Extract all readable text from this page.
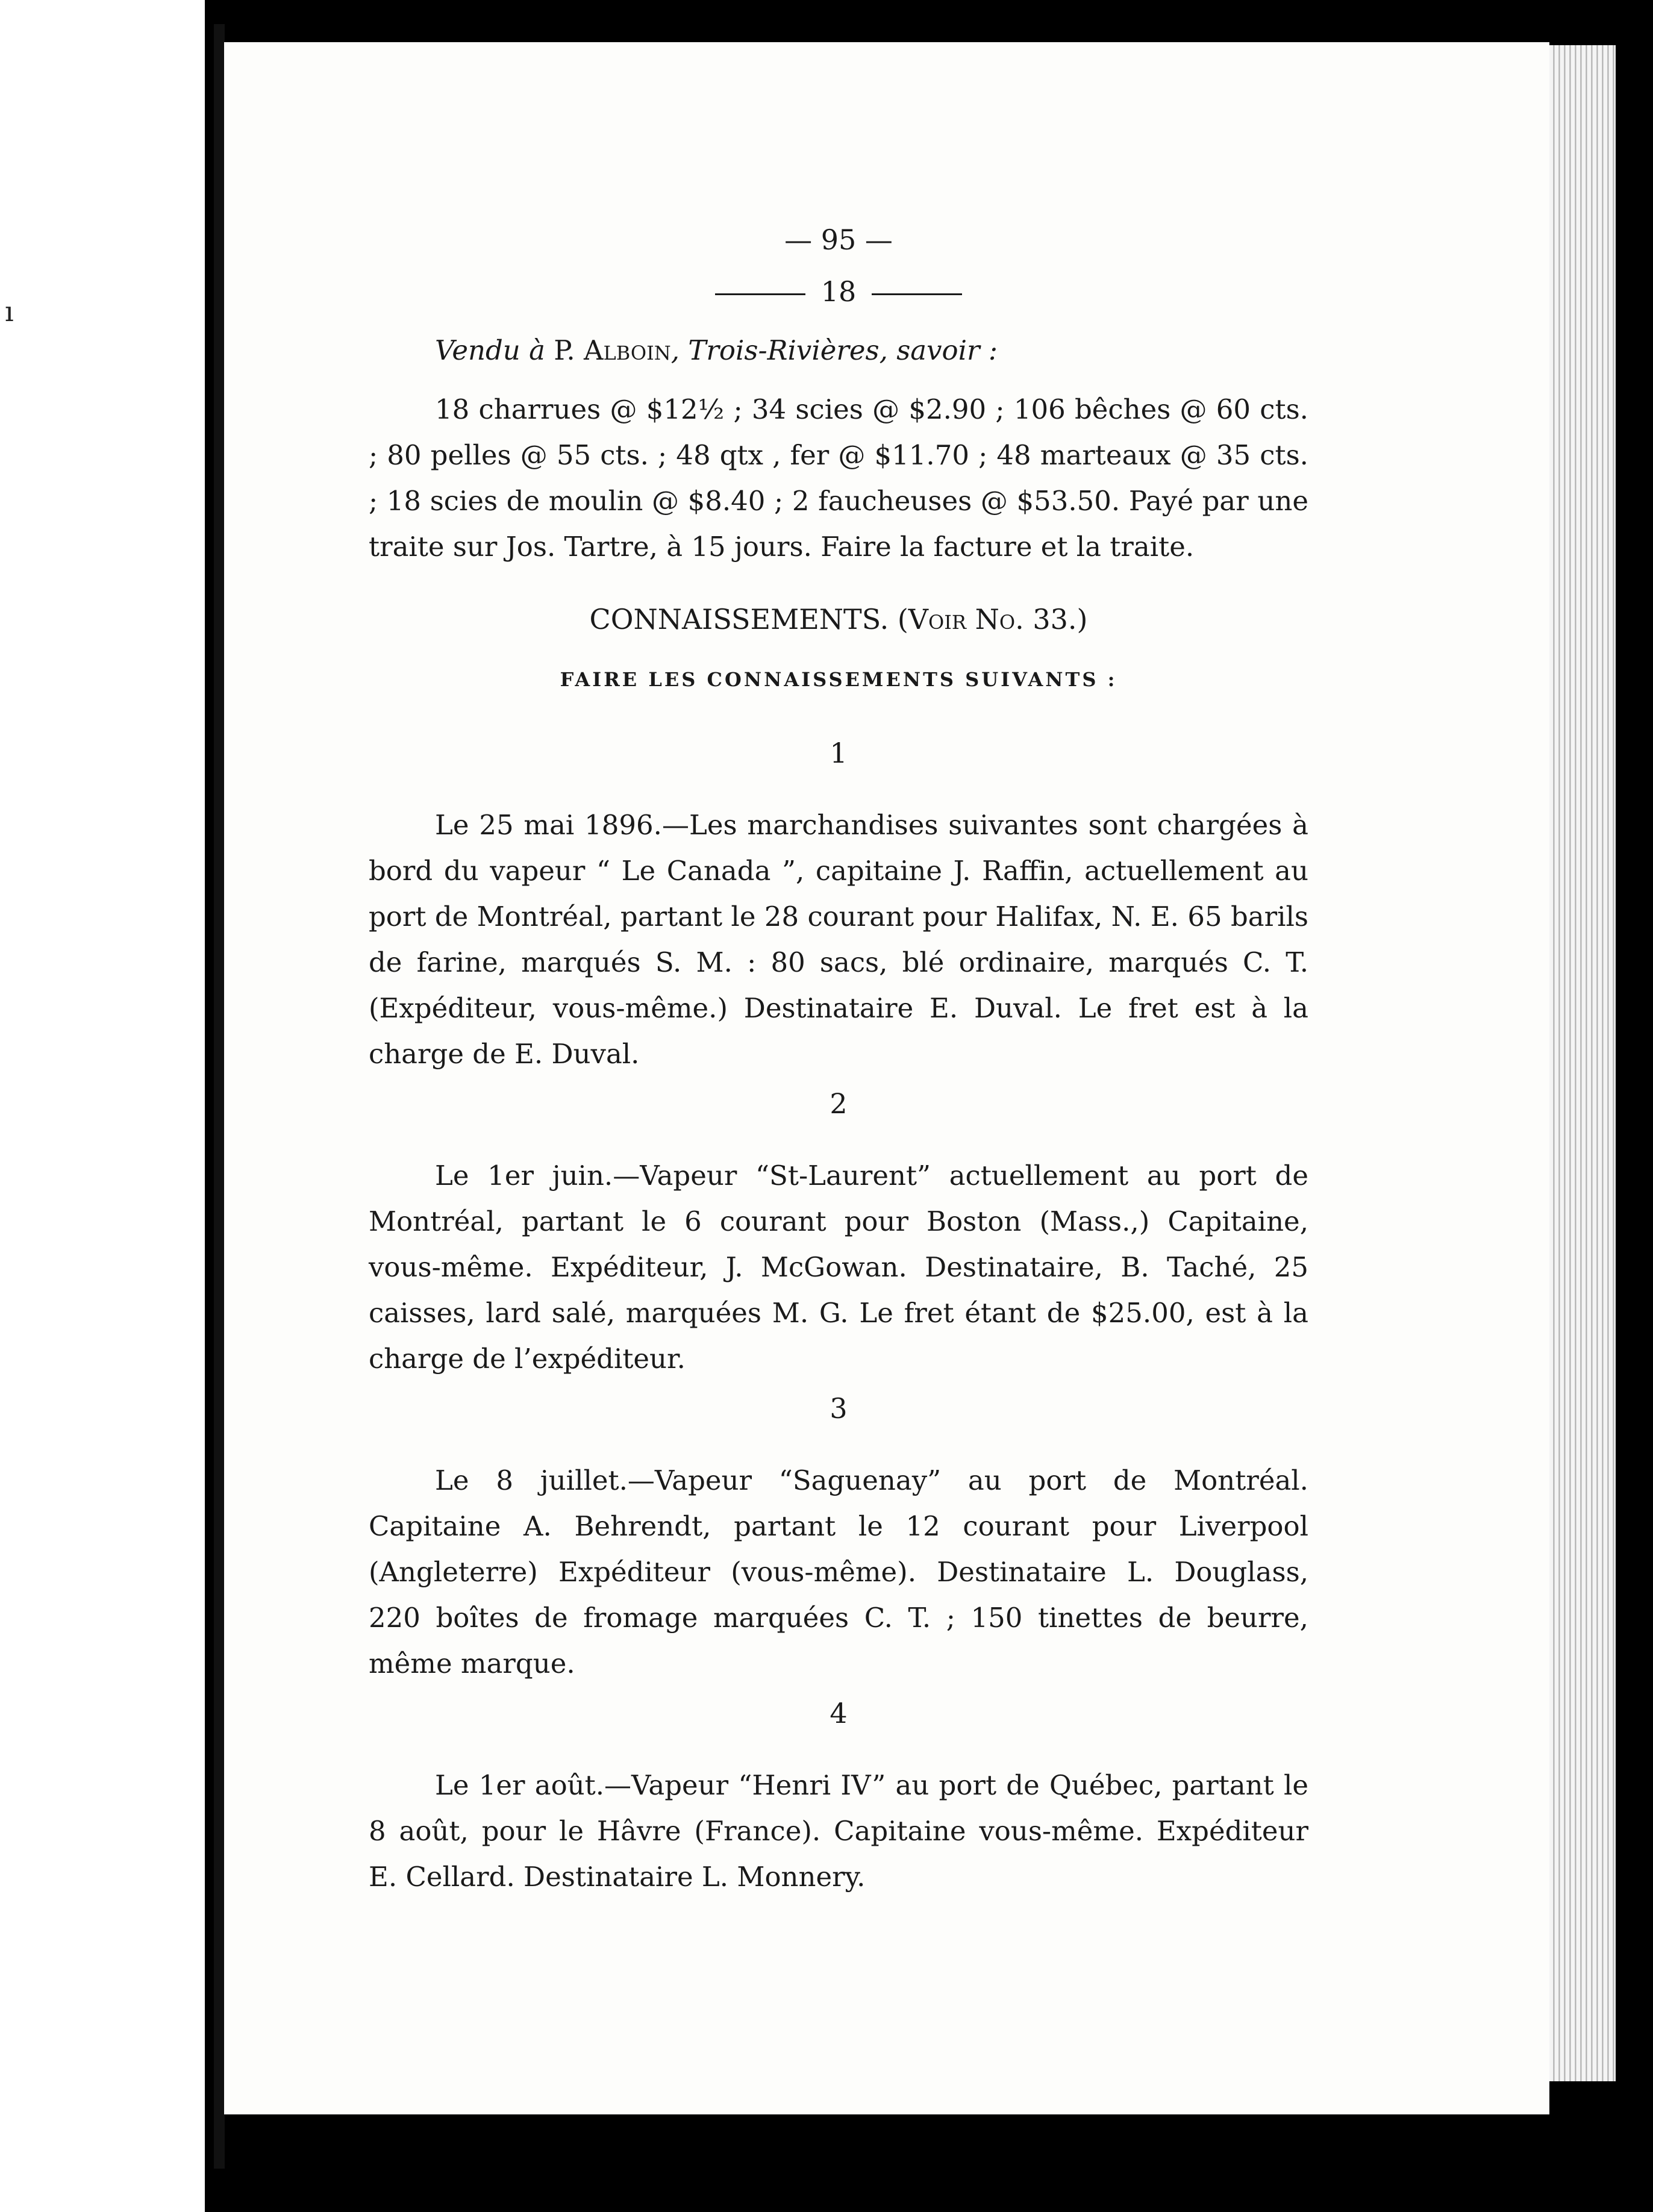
ı

— 95 —

18

Vendu à P. Alboin, Trois-Rivières, savoir :

18 charrues @ $12½ ; 34 scies @ $2.90 ; 106 bêches @ 60 cts. ; 80 pelles @ 55 cts. ; 48 qtx , fer @ $11.70 ; 48 marteaux @ 35 cts. ; 18 scies de moulin @ $8.40 ; 2 faucheuses @ $53.50. Payé par une traite sur Jos. Tartre, à 15 jours. Faire la facture et la traite.

CONNAISSEMENTS. (Voir No. 33.)

FAIRE LES CONNAISSEMENTS SUIVANTS :

1

Le 25 mai 1896.—Les marchandises suivantes sont chargées à bord du vapeur “ Le Canada ”, capitaine J. Raffin, actuellement au port de Montréal, partant le 28 courant pour Halifax, N. E. 65 barils de farine, marqués S. M. : 80 sacs, blé ordinaire, marqués C. T. (Expéditeur, vous-même.) Destinataire E. Duval. Le fret est à la charge de E. Duval.

2

Le 1er juin.—Vapeur “St-Laurent” actuellement au port de Montréal, partant le 6 courant pour Boston (Mass.,) Capitaine, vous-même. Expéditeur, J. McGowan. Destinataire, B. Taché, 25 caisses, lard salé, marquées M. G. Le fret étant de $25.00, est à la charge de l’expéditeur.

3

Le 8 juillet.—Vapeur “Saguenay” au port de Montréal. Capitaine A. Behrendt, partant le 12 courant pour Liverpool (Angleterre) Expéditeur (vous-même). Destinataire L. Douglass, 220 boîtes de fromage marquées C. T. ; 150 tinettes de beurre, même marque.

4

Le 1er août.—Vapeur “Henri IV” au port de Québec, partant le 8 août, pour le Hâvre (France). Capitaine vous-même. Expéditeur E. Cellard. Destinataire L. Monnery.
